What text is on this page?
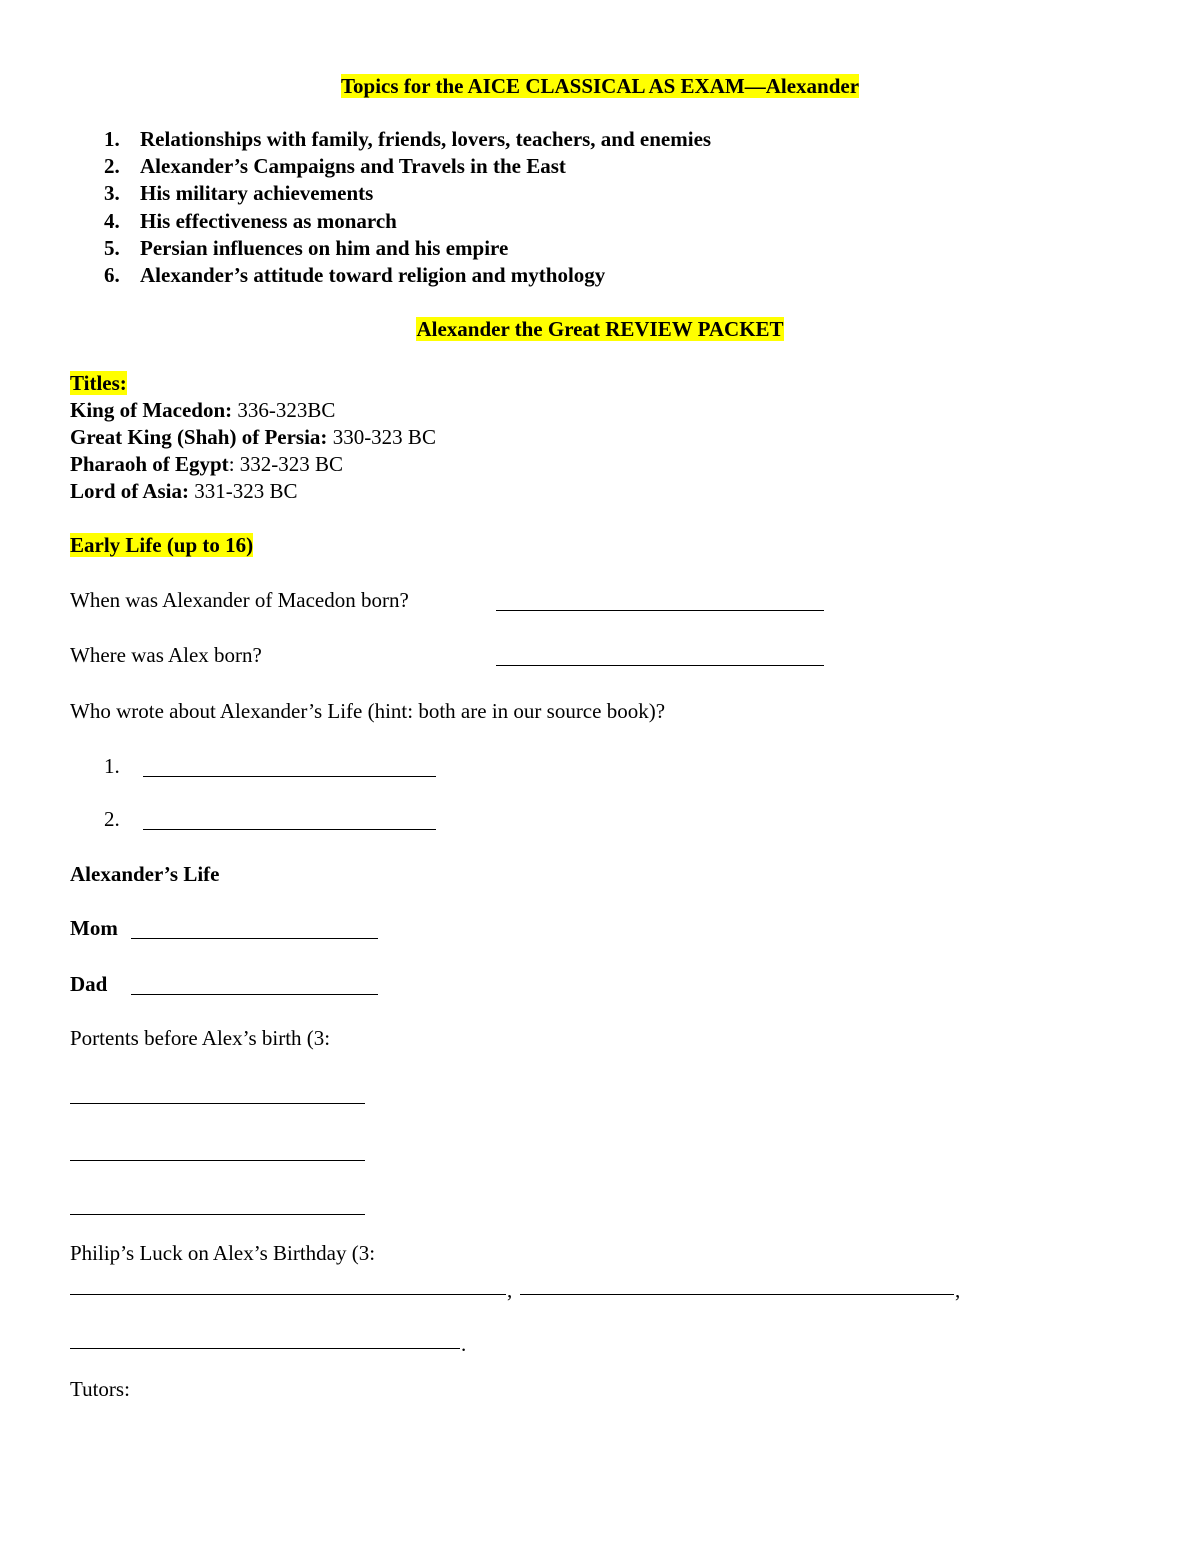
Topics for the AICE CLASSICAL AS EXAM—Alexander
1. Relationships with family, friends, lovers, teachers, and enemies
2. Alexander’s Campaigns and Travels in the East
3. His military achievements
4. His effectiveness as monarch
5. Persian influences on him and his empire
6. Alexander’s attitude toward religion and mythology
Alexander the Great REVIEW PACKET
Titles:
King of Macedon: 336-323BC
Great King (Shah) of Persia: 330-323 BC
Pharaoh of Egypt: 332-323 BC
Lord of Asia: 331-323 BC
Early Life (up to 16)
When was Alexander of Macedon born?
Where was Alex born?
Who wrote about Alexander’s Life (hint: both are in our source book)?
1.
2.
Alexander’s Life
Mom
Dad
Portents before Alex’s birth (3:
Philip’s Luck on Alex’s Birthday (3:
,	,
.
Tutors:
